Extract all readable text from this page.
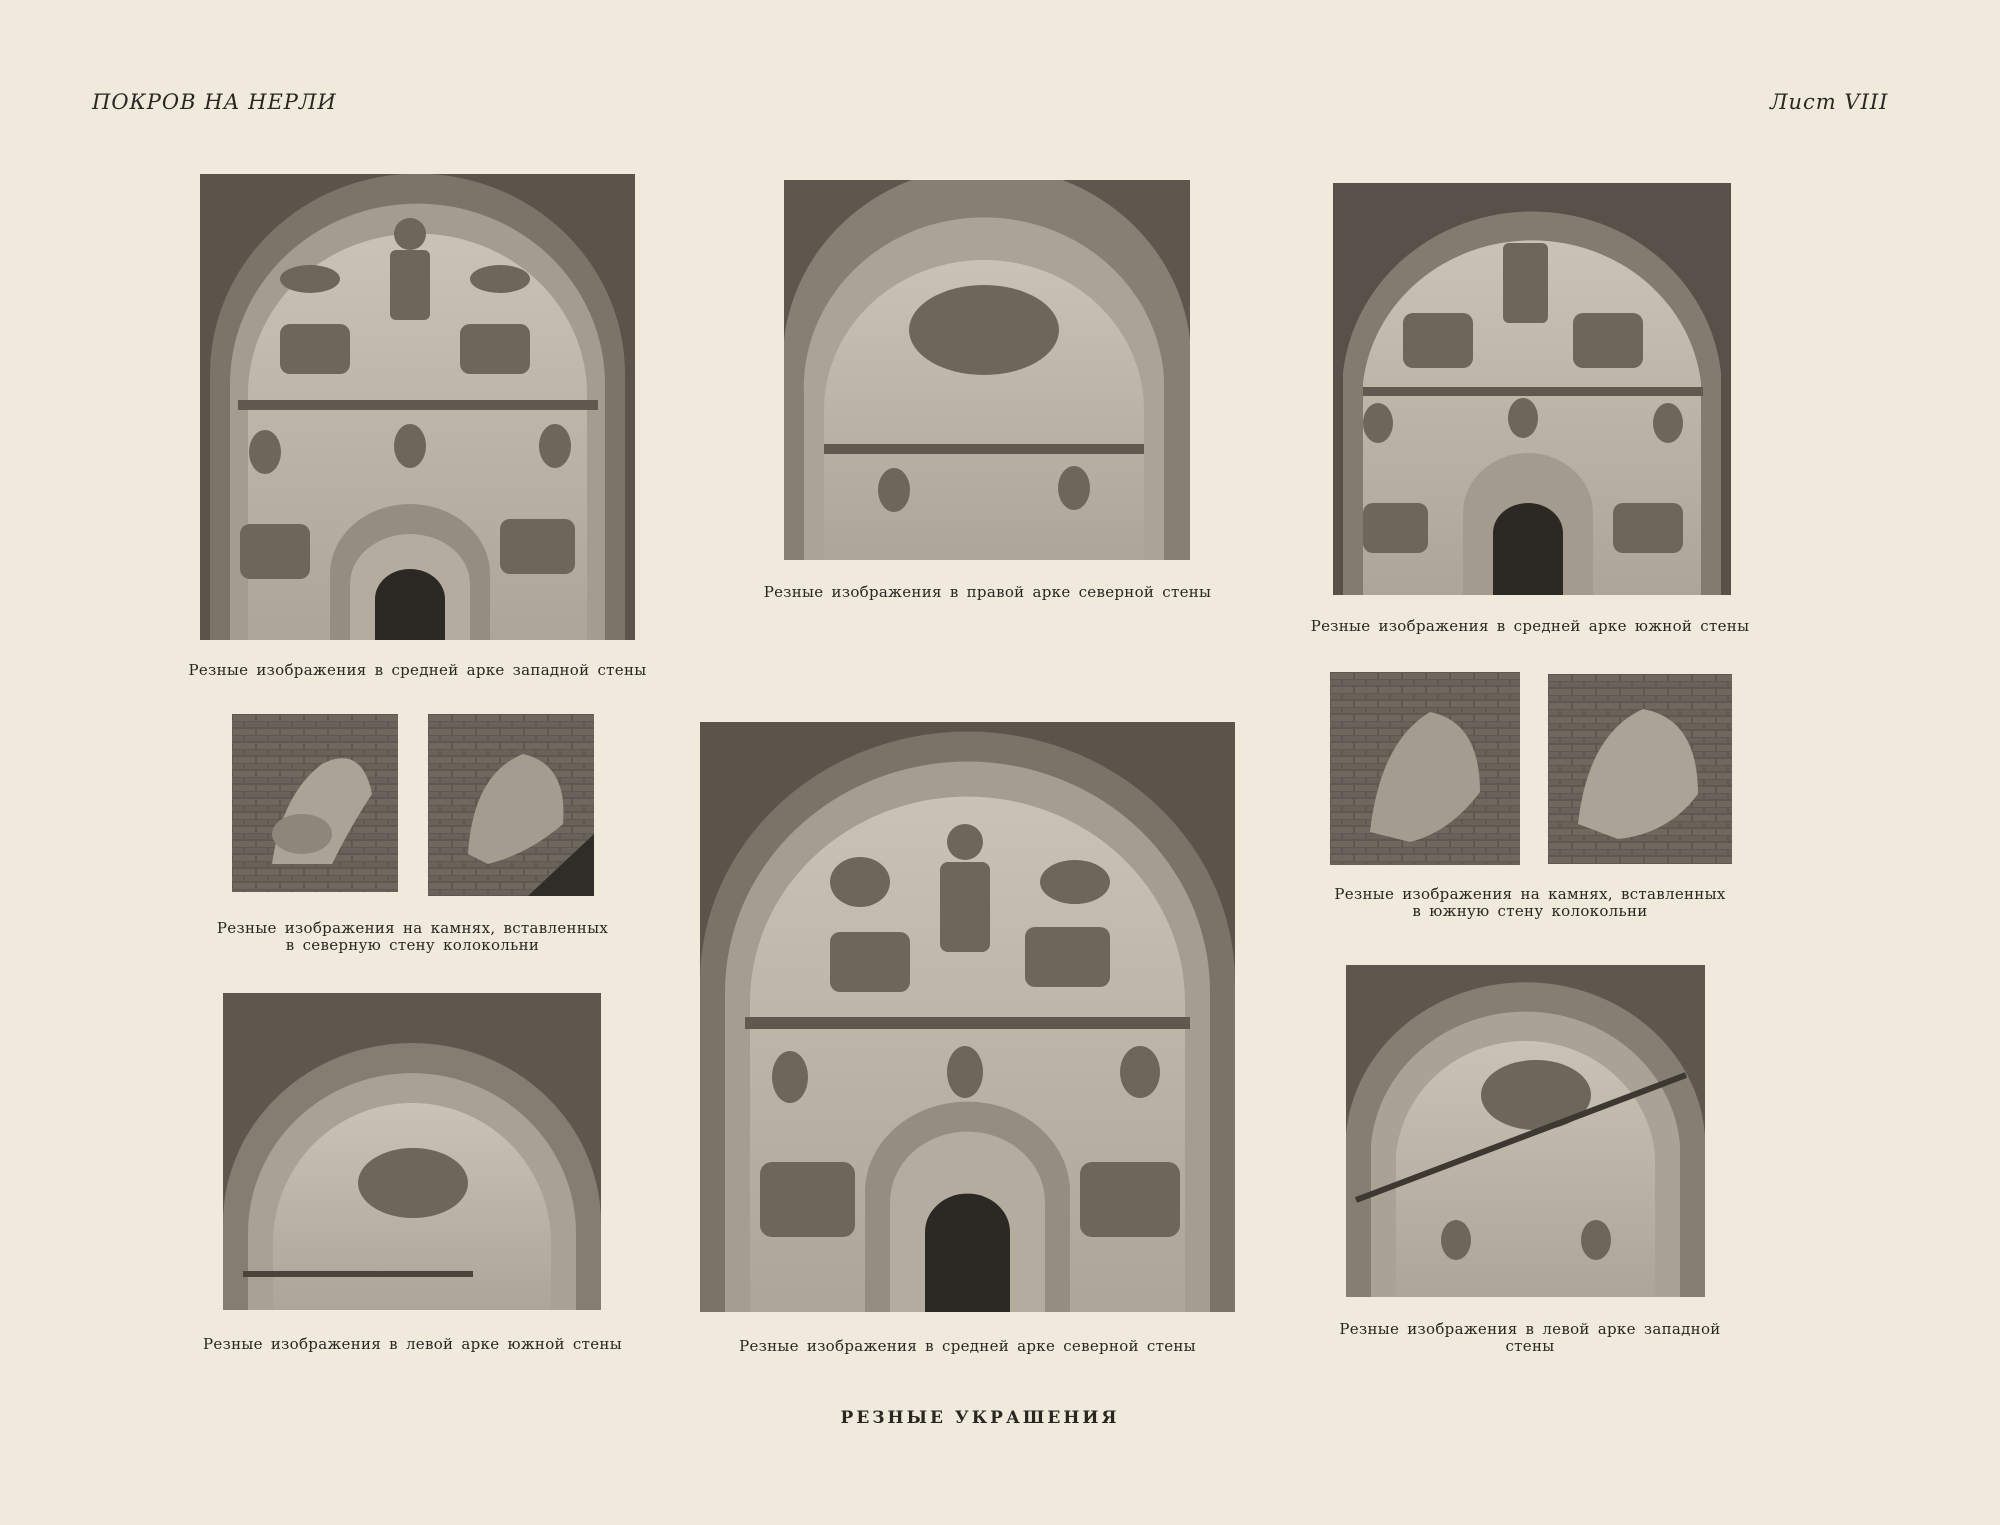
ПОКРОВ НА НЕРЛИ	Лист VIII
Резные изображения в средней арке западной стены
Резные изображения в правой арке северной стены
Резные изображения в средней арке южной стены
Резные изображения на камнях, вставленных
в северную стену колокольни
Резные изображения в средней арке северной стены
Резные изображения на камнях, вставленных
в южную стену колокольни
Резные изображения в левой арке южной стены
Резные изображения в левой арке западной
стены
РЕЗНЫЕ УКРАШЕНИЯ
